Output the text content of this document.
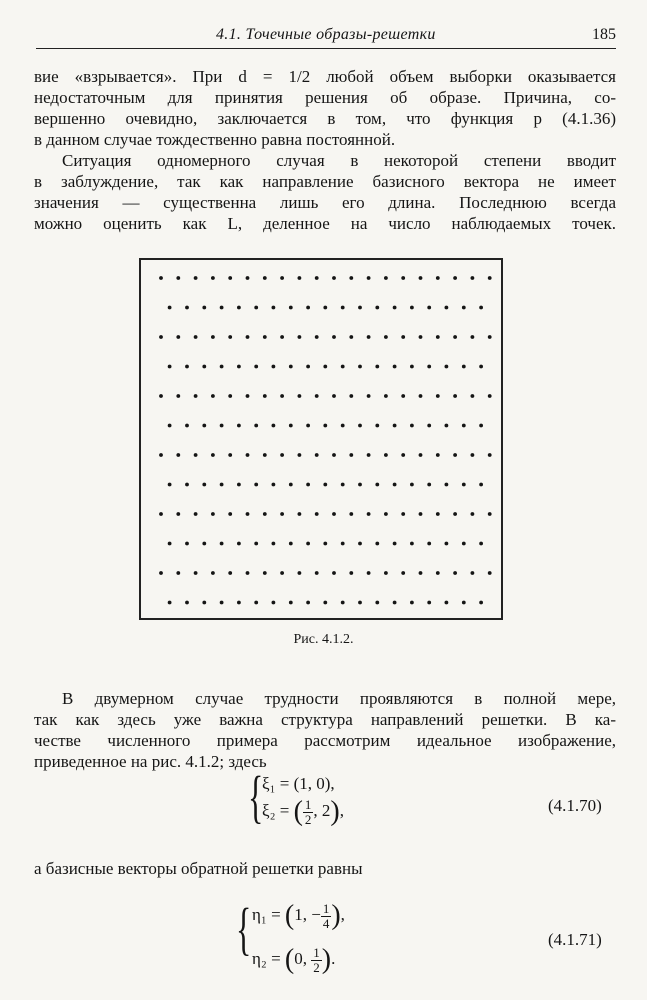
4.1. Точечные образы-решетки	185
вие «взрывается». При d = 1/2 любой объем выборки оказывается
недостаточным для принятия решения об образе. Причина, со-
вершенно очевидно, заключается в том, что функция p (4.1.36)
в данном случае тождественно равна постоянной.
Ситуация одномерного случая в некоторой степени вводит
в заблуждение, так как направление базисного вектора не имеет
значения — существенна лишь его длина. Последнюю всегда
можно оценить как L, деленное на число наблюдаемых точек.
Рис. 4.1.2.
В двумерном случае трудности проявляются в полной мере,
так как здесь уже важна структура направлений решетки. В ка-
честве численного примера рассмотрим идеальное изображение,
приведенное на рис. 4.1.2; здесь
{
ξ₁ = (1, 0),
ξ₂ = ( $\frac{1}{2}$ , 2),	(4.1.70)
а базисные векторы обратной решетки равны
{ η₁ = (1, − $\frac{1}{4}$ ),
η₂ = (0, $\frac{1}{2}$ ).
(4.1.71)
